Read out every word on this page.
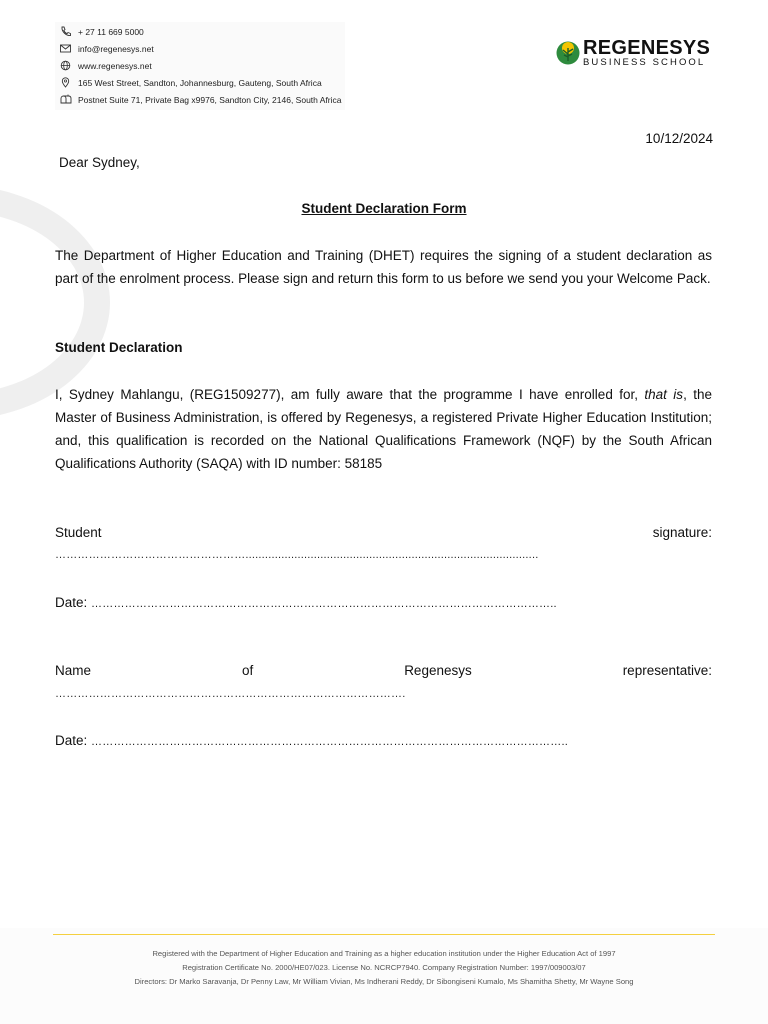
+ 27 11 669 5000
info@regenesys.net
www.regenesys.net
165 West Street, Sandton, Johannesburg, Gauteng, South Africa
Postnet Suite 71, Private Bag x9976, Sandton City, 2146, South Africa
REGENESYS
BUSINESS SCHOOL
10/12/2024
Dear Sydney,
Student Declaration Form

The Department of Higher Education and Training (DHET) requires the signing of a student declaration as part of the enrolment process. Please sign and return this form to us before we send you your Welcome Pack.

Student Declaration

I, Sydney Mahlangu, (REG1509277), am fully aware that the programme I have enrolled for, that is, the Master of Business Administration, is offered by Regenesys, a registered Private Higher Education Institution; and, this qualification is recorded on the National Qualifications Framework (NQF) by the South African Qualifications Authority (SAQA) with ID number: 58185

Student	signature:
……………………………………………..........................................................................................
Date: ……………………………………………………………………………………………………………..
Name	of	Regenesys	representative:
………………………………………………………………………………….
Date: ………………………………………………………………………………………………………………..
Registered with the Department of Higher Education and Training as a higher education institution under the Higher Education Act of 1997
Registration Certificate No. 2000/HE07/023. License No. NCRCP7940. Company Registration Number: 1997/009003/07
Directors: Dr Marko Saravanja, Dr Penny Law, Mr William Vivian, Ms Indherani Reddy, Dr Sibongiseni Kumalo, Ms Shamitha Shetty, Mr Wayne Song
